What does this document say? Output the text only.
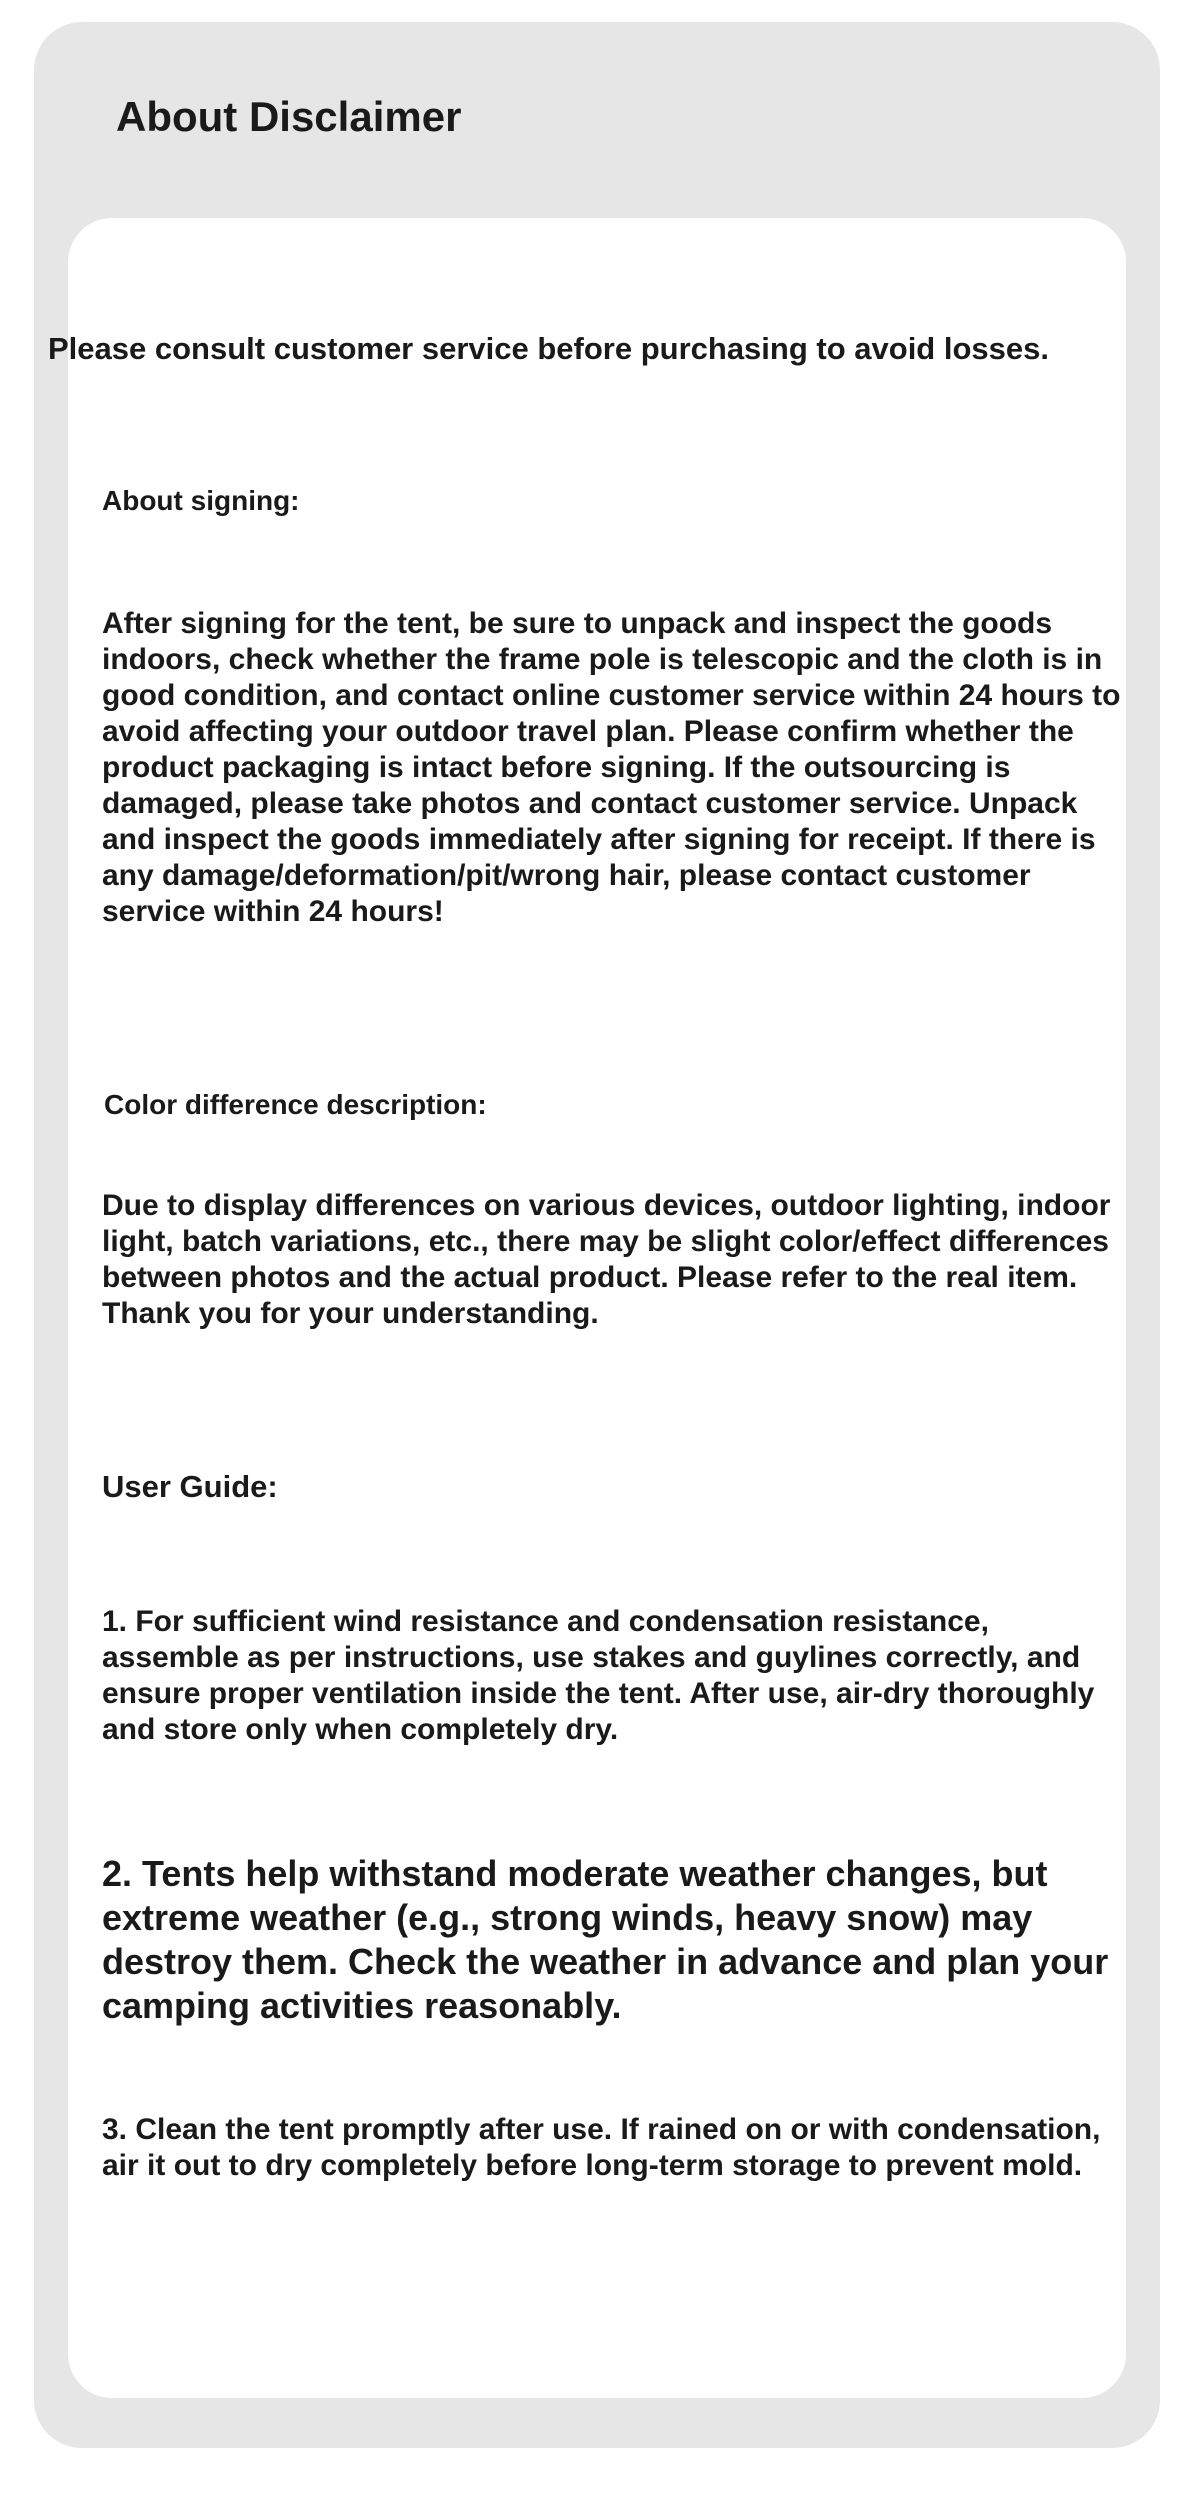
About Disclaimer

Please consult customer service before purchasing to avoid losses.

About signing:

After signing for the tent, be sure to unpack and inspect the goods indoors, check whether the frame pole is telescopic and the cloth is in good condition, and contact online customer service within 24 hours to avoid affecting your outdoor travel plan. Please confirm whether the product packaging is intact before signing. If the outsourcing is damaged, please take photos and contact customer service. Unpack and inspect the goods immediately after signing for receipt. If there is any damage/deformation/pit/wrong hair, please contact customer service within 24 hours!

Color difference description:

Due to display differences on various devices, outdoor lighting, indoor light, batch variations, etc., there may be slight color/effect differences between photos and the actual product. Please refer to the real item. Thank you for your understanding.

User Guide:

1. For sufficient wind resistance and condensation resistance, assemble as per instructions, use stakes and guylines correctly, and ensure proper ventilation inside the tent. After use, air-dry thoroughly and store only when completely dry.

2. Tents help withstand moderate weather changes, but extreme weather (e.g., strong winds, heavy snow) may destroy them. Check the weather in advance and plan your camping activities reasonably.

3. Clean the tent promptly after use. If rained on or with condensation, air it out to dry completely before long-term storage to prevent mold.
